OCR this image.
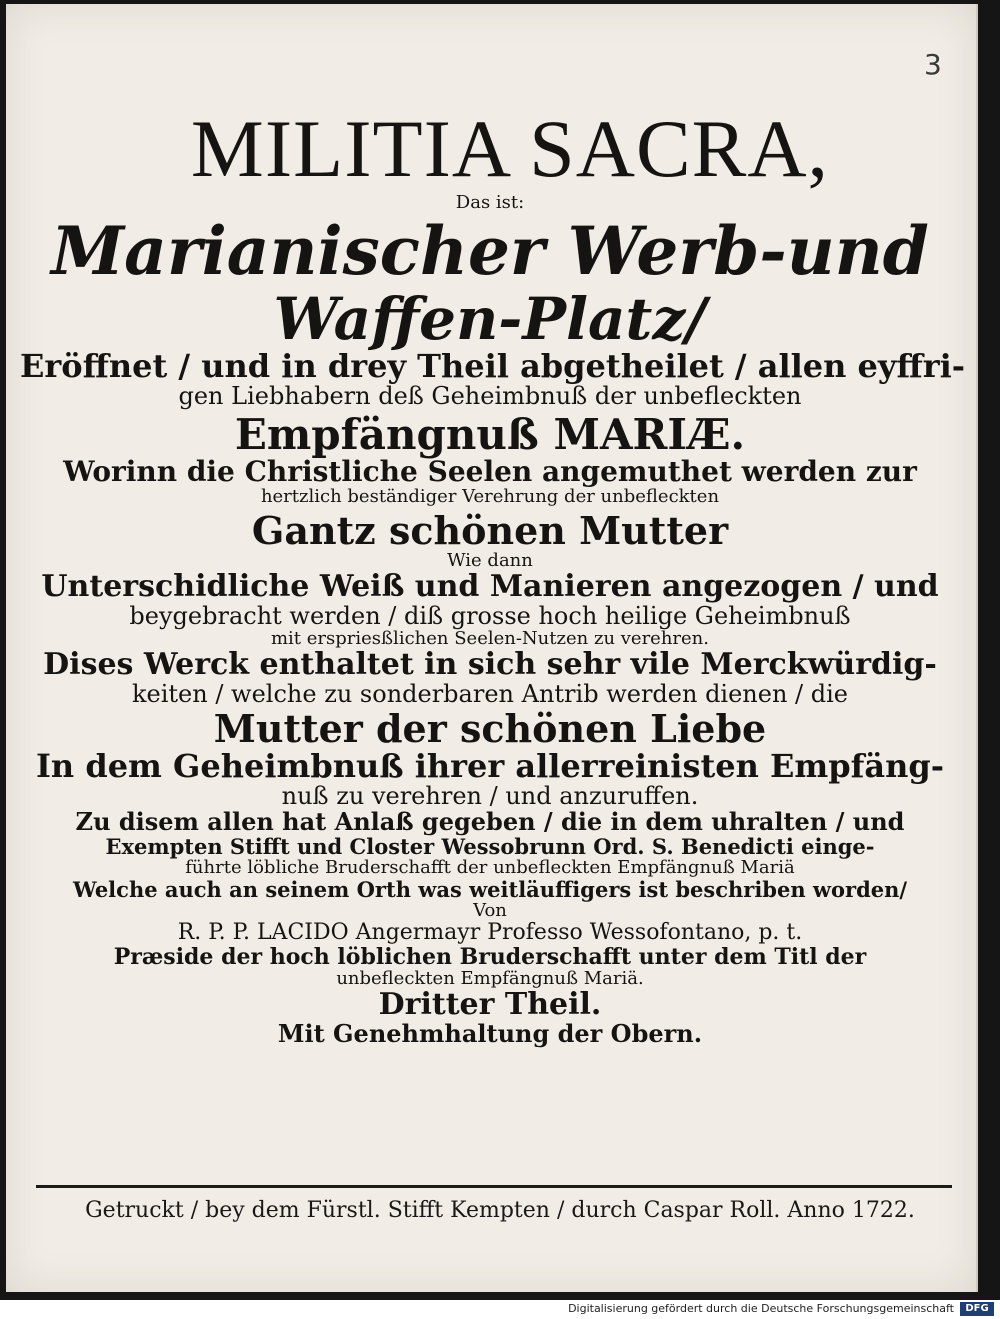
3
MILITIA SACRA,
Das ist:
Marianischer Werb-und
Waffen-Platz/
Eröffnet / und in drey Theil abgetheilet / allen eyffri-
gen Liebhabern deß Geheimbnuß der unbefleckten
Empfängnuß MARIÆ.
Worinn die Christliche Seelen angemuthet werden zur
hertzlich beständiger Verehrung der unbefleckten
Gantz schönen Mutter
Wie dann
Unterschidliche Weiß und Manieren angezogen / und
beygebracht werden / diß grosse hoch heilige Geheimbnuß
mit erspriesßlichen Seelen-Nutzen zu verehren.
Dises Werck enthaltet in sich sehr vile Merckwürdig-
keiten / welche zu sonderbaren Antrib werden dienen / die
Mutter der schönen Liebe
In dem Geheimbnuß ihrer allerreinisten Empfäng-
nuß zu verehren / und anzuruffen.
Zu disem allen hat Anlaß gegeben / die in dem uhralten / und
Exempten Stifft und Closter Wessobrunn Ord. S. Benedicti einge-
führte löbliche Bruderschafft der unbefleckten Empfängnuß Mariä
Welche auch an seinem Orth was weitläuffigers ist beschriben worden/
Von
R. P. P. LACIDO Angermayr Professo Wessofontano, p. t.
Præside der hoch löblichen Bruderschafft unter dem Titl der
unbefleckten Empfängnuß Mariä.
Dritter Theil.
Mit Genehmhaltung der Obern.
Getruckt / bey dem Fürstl. Stifft Kempten / durch Caspar Roll. Anno 1722.
Digitalisierung gefördert durch die Deutsche Forschungsgemeinschaft	DFG
